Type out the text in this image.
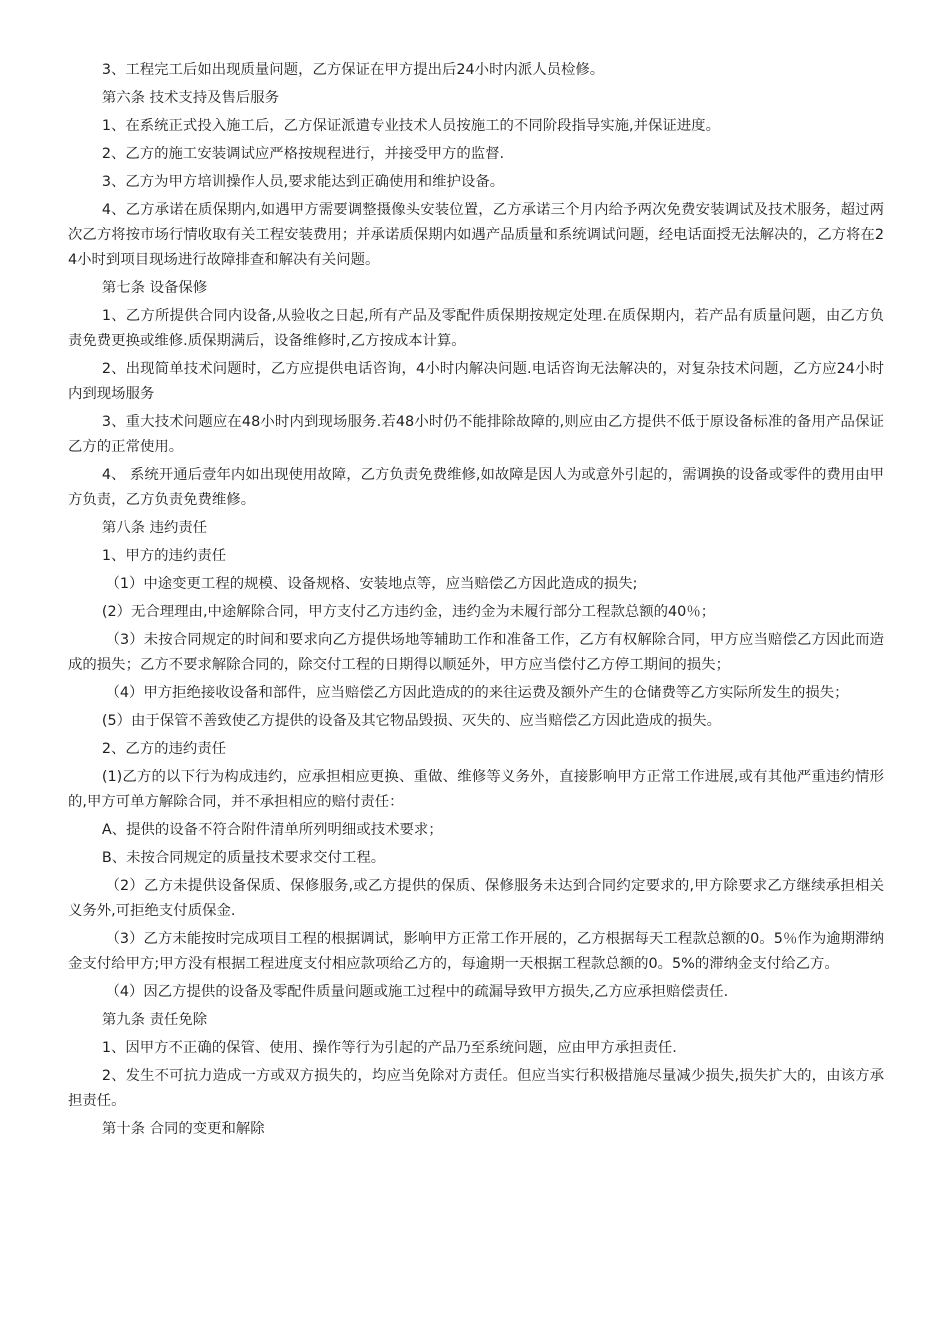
3、工程完工后如出现质量问题，乙方保证在甲方提出后24小时内派人员检修。

第六条 技术支持及售后服务

1、在系统正式投入施工后，乙方保证派遣专业技术人员按施工的不同阶段指导实施,并保证进度。

2、乙方的施工安装调试应严格按规程进行，并接受甲方的监督.

3、乙方为甲方培训操作人员,要求能达到正确使用和维护设备。

4、乙方承诺在质保期内,如遇甲方需要调整摄像头安装位置，乙方承诺三个月内给予两次免费安装调试及技术服务，超过两次乙方将按市场行情收取有关工程安装费用；并承诺质保期内如遇产品质量和系统调试问题，经电话面授无法解决的，乙方将在24小时到项目现场进行故障排查和解决有关问题。

第七条 设备保修

1、乙方所提供合同内设备,从验收之日起,所有产品及零配件质保期按规定处理.在质保期内，若产品有质量问题，由乙方负责免费更换或维修.质保期满后，设备维修时,乙方按成本计算。

2、出现简单技术问题时，乙方应提供电话咨询，4小时内解决问题.电话咨询无法解决的，对复杂技术问题，乙方应24小时内到现场服务

3、重大技术问题应在48小时内到现场服务.若48小时仍不能排除故障的,则应由乙方提供不低于原设备标准的备用产品保证乙方的正常使用。

4、 系统开通后壹年内如出现使用故障，乙方负责免费维修,如故障是因人为或意外引起的，需调换的设备或零件的费用由甲方负责，乙方负责免费维修。

第八条 违约责任

1、甲方的违约责任

（1）中途变更工程的规模、设备规格、安装地点等，应当赔偿乙方因此造成的损失;

(2）无合理理由,中途解除合同，甲方支付乙方违约金，违约金为未履行部分工程款总额的40％；

（3）未按合同规定的时间和要求向乙方提供场地等辅助工作和准备工作，乙方有权解除合同，甲方应当赔偿乙方因此而造成的损失；乙方不要求解除合同的，除交付工程的日期得以顺延外，甲方应当偿付乙方停工期间的损失；

（4）甲方拒绝接收设备和部件，应当赔偿乙方因此造成的的来往运费及额外产生的仓储费等乙方实际所发生的损失；

(5）由于保管不善致使乙方提供的设备及其它物品毁损、灭失的、应当赔偿乙方因此造成的损失。

2、乙方的违约责任

(1)乙方的以下行为构成违约，应承担相应更换、重做、维修等义务外，直接影响甲方正常工作进展,或有其他严重违约情形的,甲方可单方解除合同，并不承担相应的赔付责任：

A、提供的设备不符合附件清单所列明细或技术要求；

B、未按合同规定的质量技术要求交付工程。

（2）乙方未提供设备保质、保修服务,或乙方提供的保质、保修服务未达到合同约定要求的,甲方除要求乙方继续承担相关义务外,可拒绝支付质保金.

（3）乙方未能按时完成项目工程的根据调试，影响甲方正常工作开展的，乙方根据每天工程款总额的0。5％作为逾期滞纳金支付给甲方;甲方没有根据工程进度支付相应款项给乙方的，每逾期一天根据工程款总额的0。5%的滞纳金支付给乙方。

（4）因乙方提供的设备及零配件质量问题或施工过程中的疏漏导致甲方损失,乙方应承担赔偿责任.

第九条 责任免除

1、因甲方不正确的保管、使用、操作等行为引起的产品乃至系统问题，应由甲方承担责任.

2、发生不可抗力造成一方或双方损失的，均应当免除对方责任。但应当实行积极措施尽量减少损失,损失扩大的，由该方承担责任。

第十条 合同的变更和解除
